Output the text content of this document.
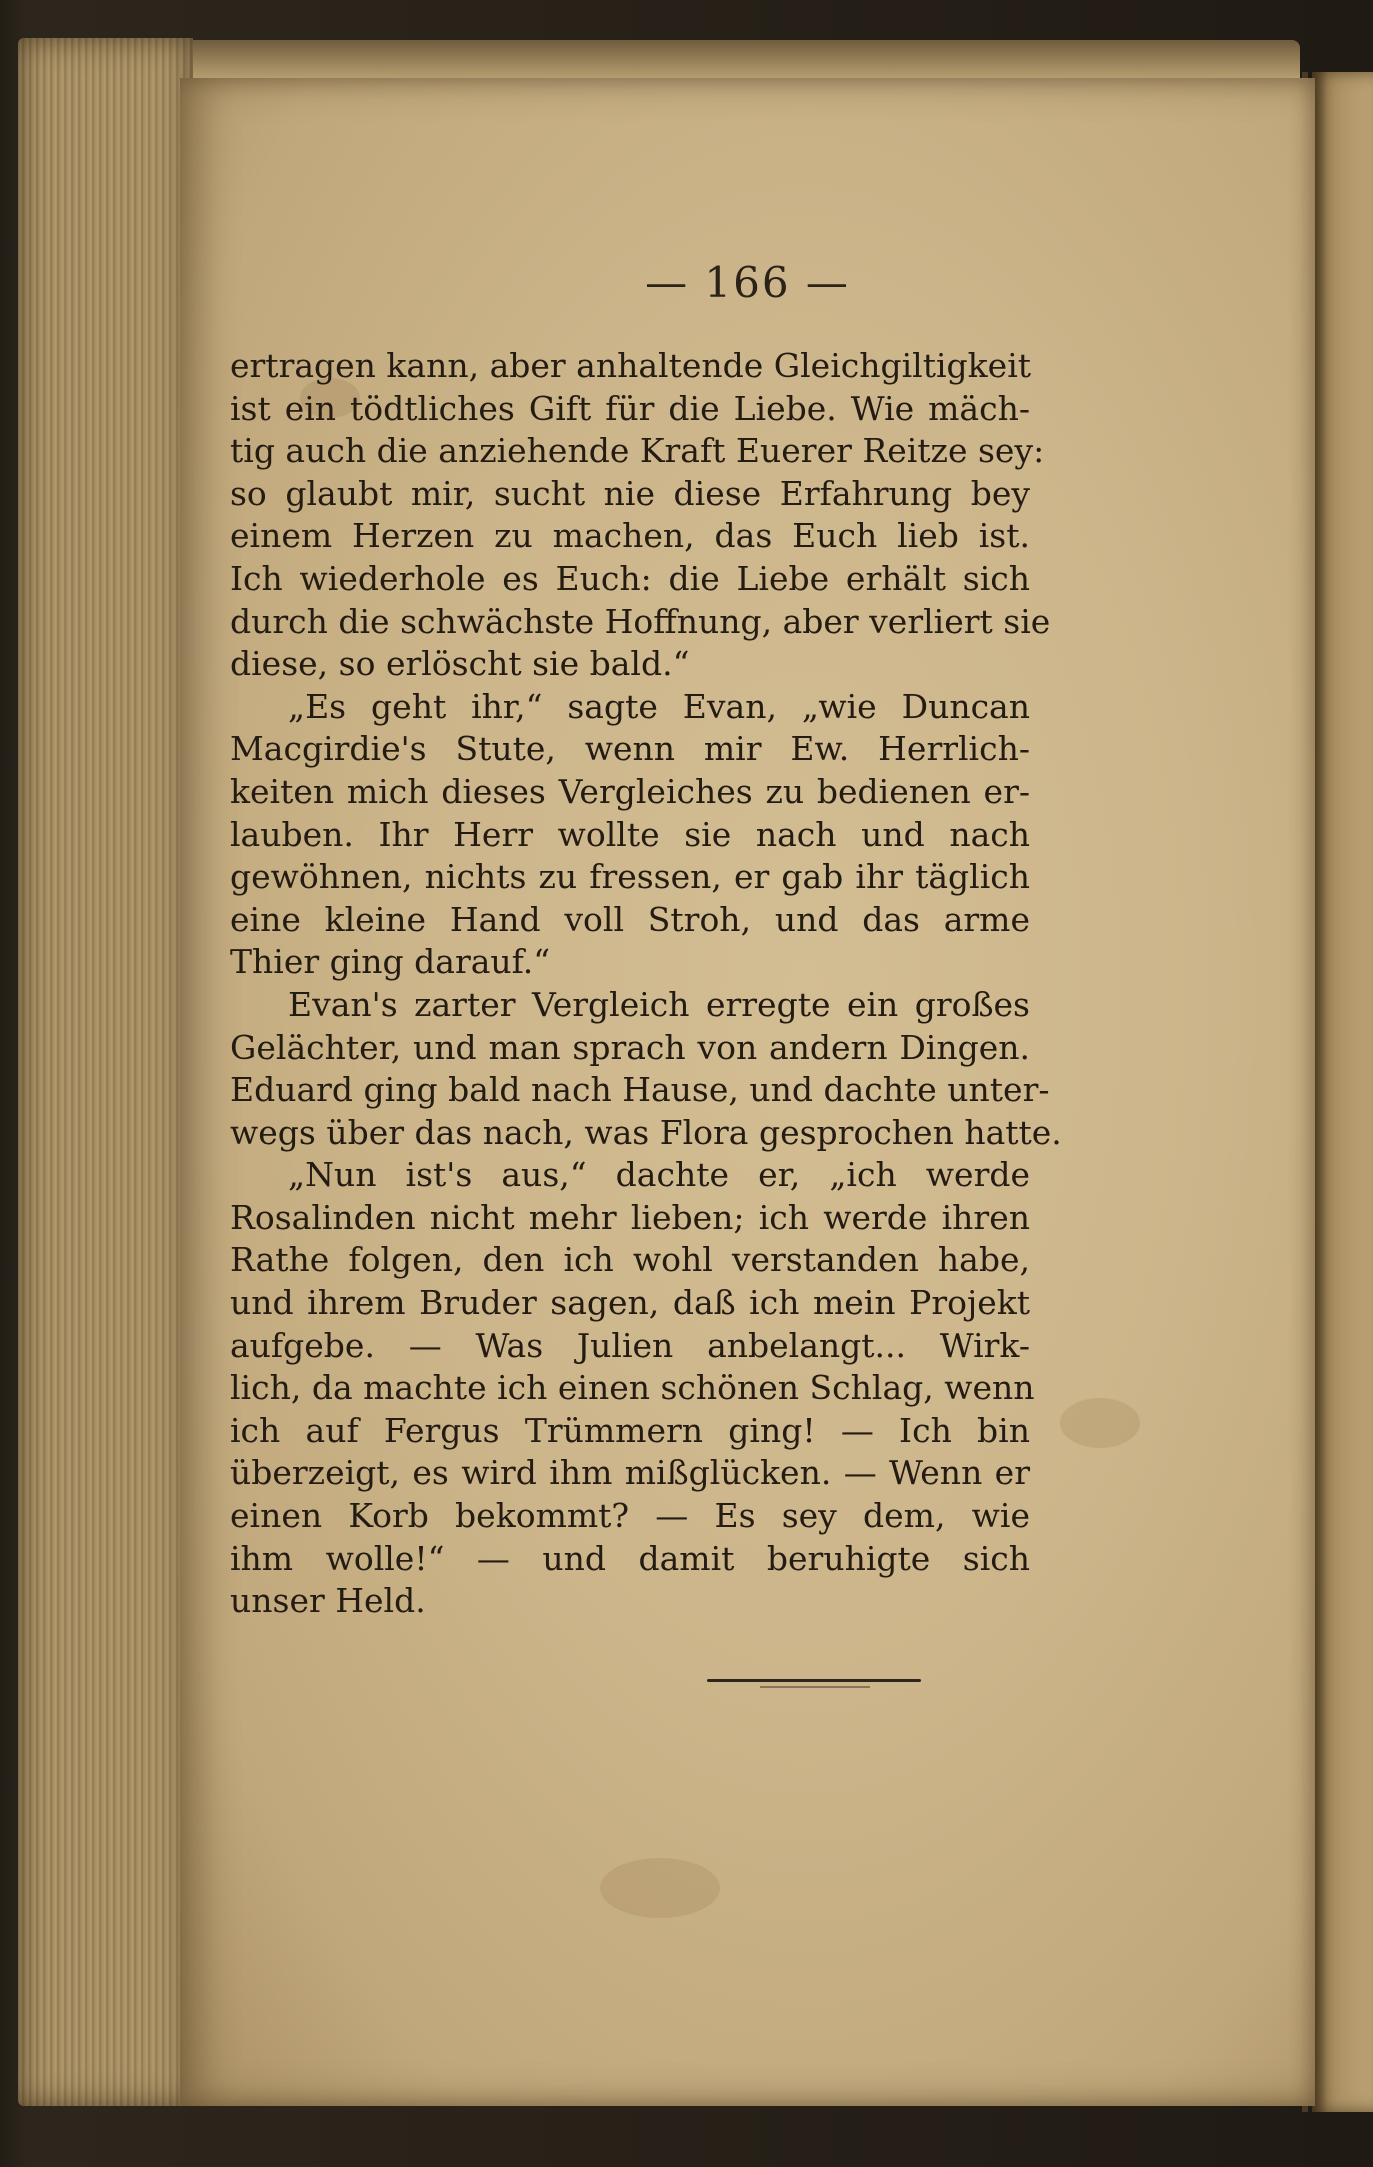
— 166 —
ertragen kann, aber anhaltende Gleichgiltigkeit
ist ein tödtliches Gift für die Liebe. Wie mäch-
tig auch die anziehende Kraft Euerer Reitze sey:
so glaubt mir, sucht nie diese Erfahrung bey
einem Herzen zu machen, das Euch lieb ist.
Ich wiederhole es Euch: die Liebe erhält sich
durch die schwächste Hoffnung, aber verliert sie
diese, so erlöscht sie bald.“
„Es geht ihr,“ sagte Evan, „wie Duncan
Macgirdie's Stute, wenn mir Ew. Herrlich-
keiten mich dieses Vergleiches zu bedienen er-
lauben. Ihr Herr wollte sie nach und nach
gewöhnen, nichts zu fressen, er gab ihr täglich
eine kleine Hand voll Stroh, und das arme
Thier ging darauf.“
Evan's zarter Vergleich erregte ein großes
Gelächter, und man sprach von andern Dingen.
Eduard ging bald nach Hause, und dachte unter-
wegs über das nach, was Flora gesprochen hatte.
„Nun ist's aus,“ dachte er, „ich werde
Rosalinden nicht mehr lieben; ich werde ihren
Rathe folgen, den ich wohl verstanden habe,
und ihrem Bruder sagen, daß ich mein Projekt
aufgebe. — Was Julien anbelangt... Wirk-
lich, da machte ich einen schönen Schlag, wenn
ich auf Fergus Trümmern ging! — Ich bin
überzeigt, es wird ihm mißglücken. — Wenn er
einen Korb bekommt? — Es sey dem, wie
ihm wolle!“ — und damit beruhigte sich
unser Held.
